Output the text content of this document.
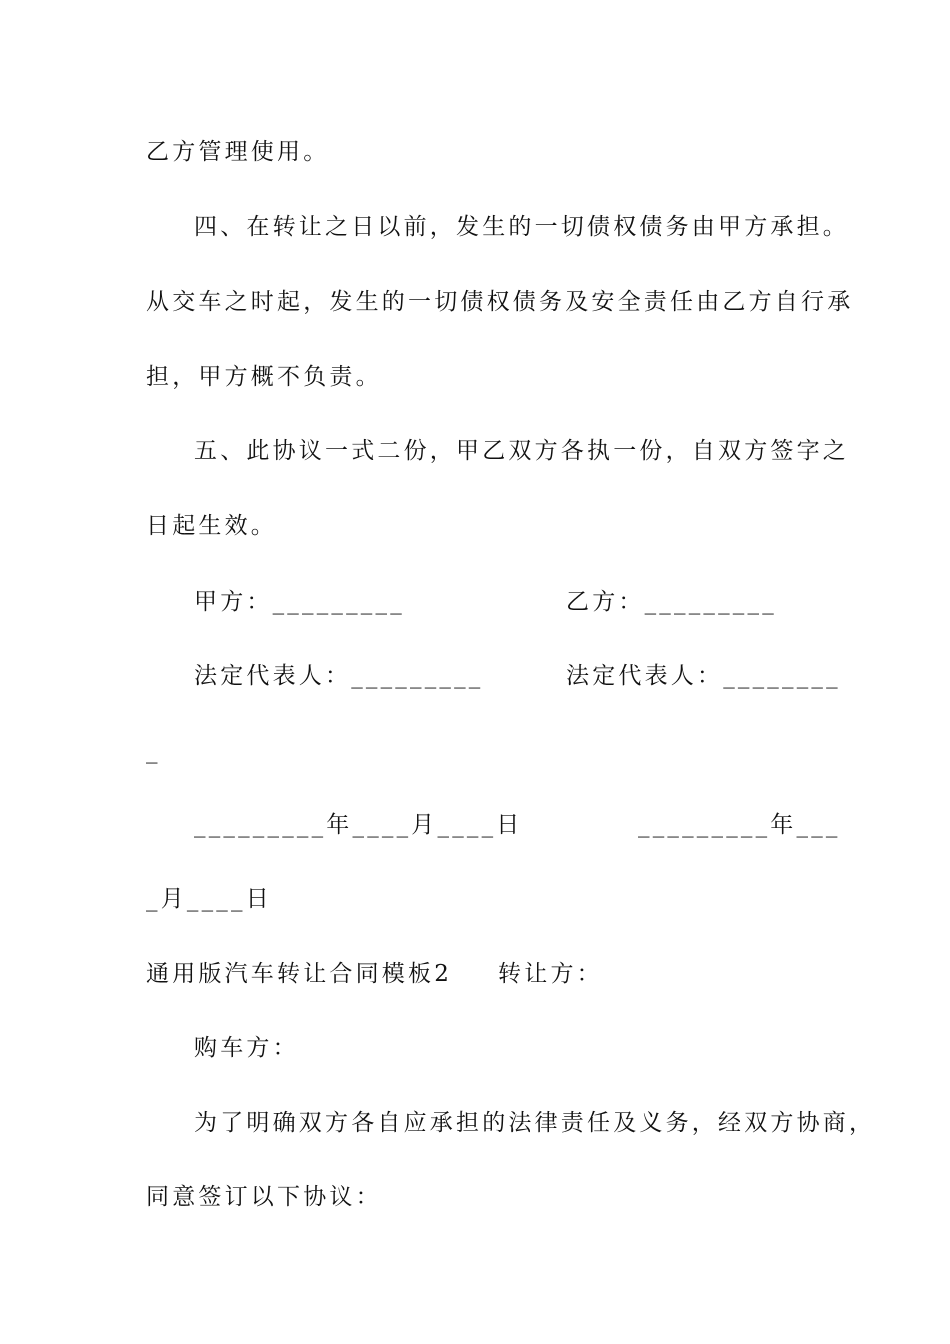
乙方管理使用。
四、在转让之日以前，发生的一切债权债务由甲方承担。
从交车之时起，发生的一切债权债务及安全责任由乙方自行承
担，甲方概不负责。
五、此协议一式二份，甲乙双方各执一份，自双方签字之
日起生效。
甲方：_________	乙方：_________
法定代表人：_________	法定代表人：________
_
_________年____月____日	_________年___
_月____日
通用版汽车转让合同模板2 转让方：
购车方：
为了明确双方各自应承担的法律责任及义务，经双方协商，
同意签订以下协议：
